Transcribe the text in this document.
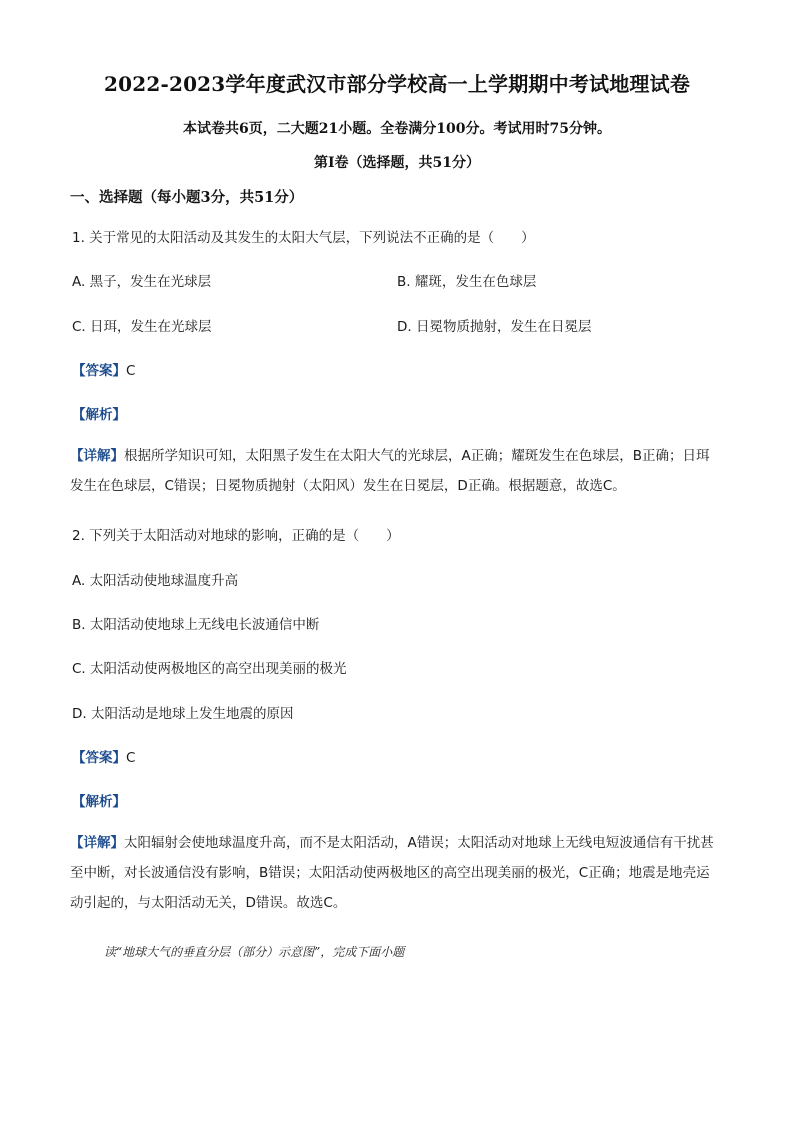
2022-2023学年度武汉市部分学校高一上学期期中考试地理试卷
本试卷共6页，二大题21小题。全卷满分100分。考试用时75分钟。
第Ⅰ卷（选择题，共51分）
一、选择题（每小题3分，共51分）
1. 关于常见的太阳活动及其发生的太阳大气层，下列说法不正确的是（　　）
A. 黑子，发生在光球层	B. 耀斑，发生在色球层
C. 日珥，发生在光球层	D. 日冕物质抛射，发生在日冕层
【答案】C
【解析】
【详解】根据所学知识可知，太阳黑子发生在太阳大气的光球层，A正确；耀斑发生在色球层，B正确；日珥发生在色球层，C错误；日冕物质抛射（太阳风）发生在日冕层，D正确。根据题意，故选C。
2. 下列关于太阳活动对地球的影响，正确的是（　　）
A. 太阳活动使地球温度升高
B. 太阳活动使地球上无线电长波通信中断
C. 太阳活动使两极地区的高空出现美丽的极光
D. 太阳活动是地球上发生地震的原因
【答案】C
【解析】
【详解】太阳辐射会使地球温度升高，而不是太阳活动，A错误；太阳活动对地球上无线电短波通信有干扰甚至中断，对长波通信没有影响，B错误；太阳活动使两极地区的高空出现美丽的极光，C正确；地震是地壳运动引起的，与太阳活动无关，D错误。故选C。
读“地球大气的垂直分层（部分）示意图”，完成下面小题
